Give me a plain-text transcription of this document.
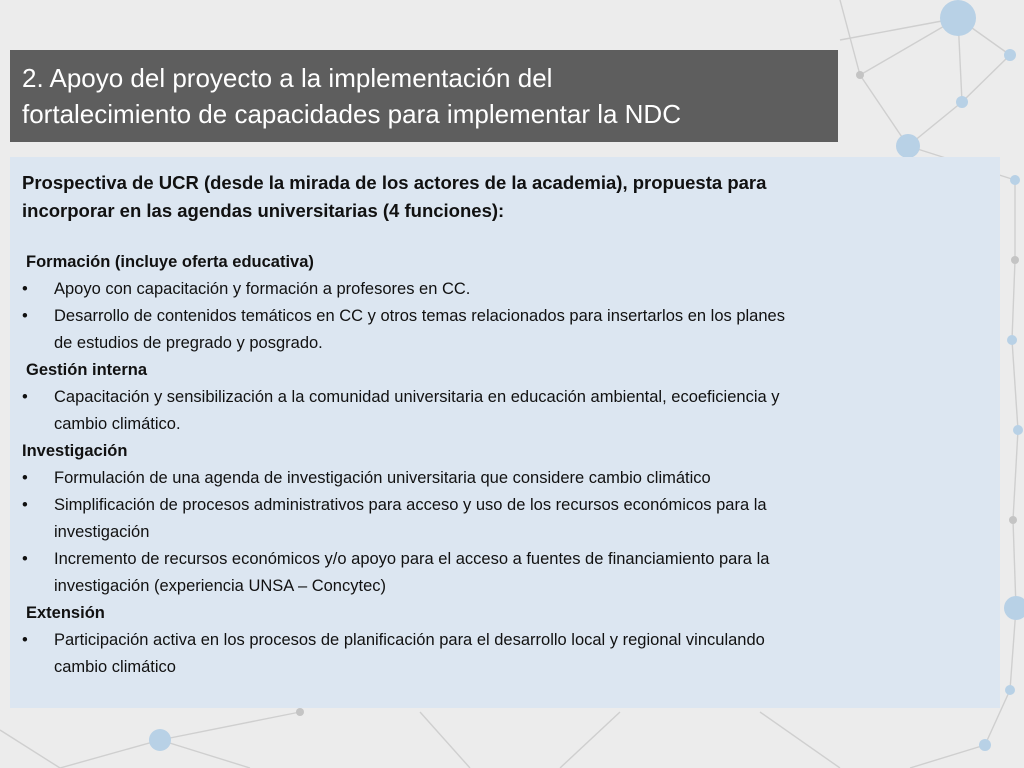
2. Apoyo del proyecto a la implementación del
fortalecimiento de capacidades para implementar la NDC
Prospectiva de UCR (desde la mirada de los actores de la academia), propuesta para
incorporar en las agendas universitarias (4 funciones):
Formación (incluye oferta educativa)
• Apoyo con capacitación y formación a profesores en CC.
• Desarrollo de contenidos temáticos en CC y otros temas relacionados para insertarlos en los planes
de estudios de pregrado y posgrado.
Gestión interna
• Capacitación y sensibilización a la comunidad universitaria en educación ambiental, ecoeficiencia y
cambio climático.
Investigación
• Formulación de una agenda de investigación universitaria que considere cambio climático
• Simplificación de procesos administrativos para acceso y uso de los recursos económicos para la
investigación
• Incremento de recursos económicos y/o apoyo para el acceso a fuentes de financiamiento para la
investigación (experiencia UNSA – Concytec)
Extensión
• Participación activa en los procesos de planificación para el desarrollo local y regional vinculando
cambio climático
